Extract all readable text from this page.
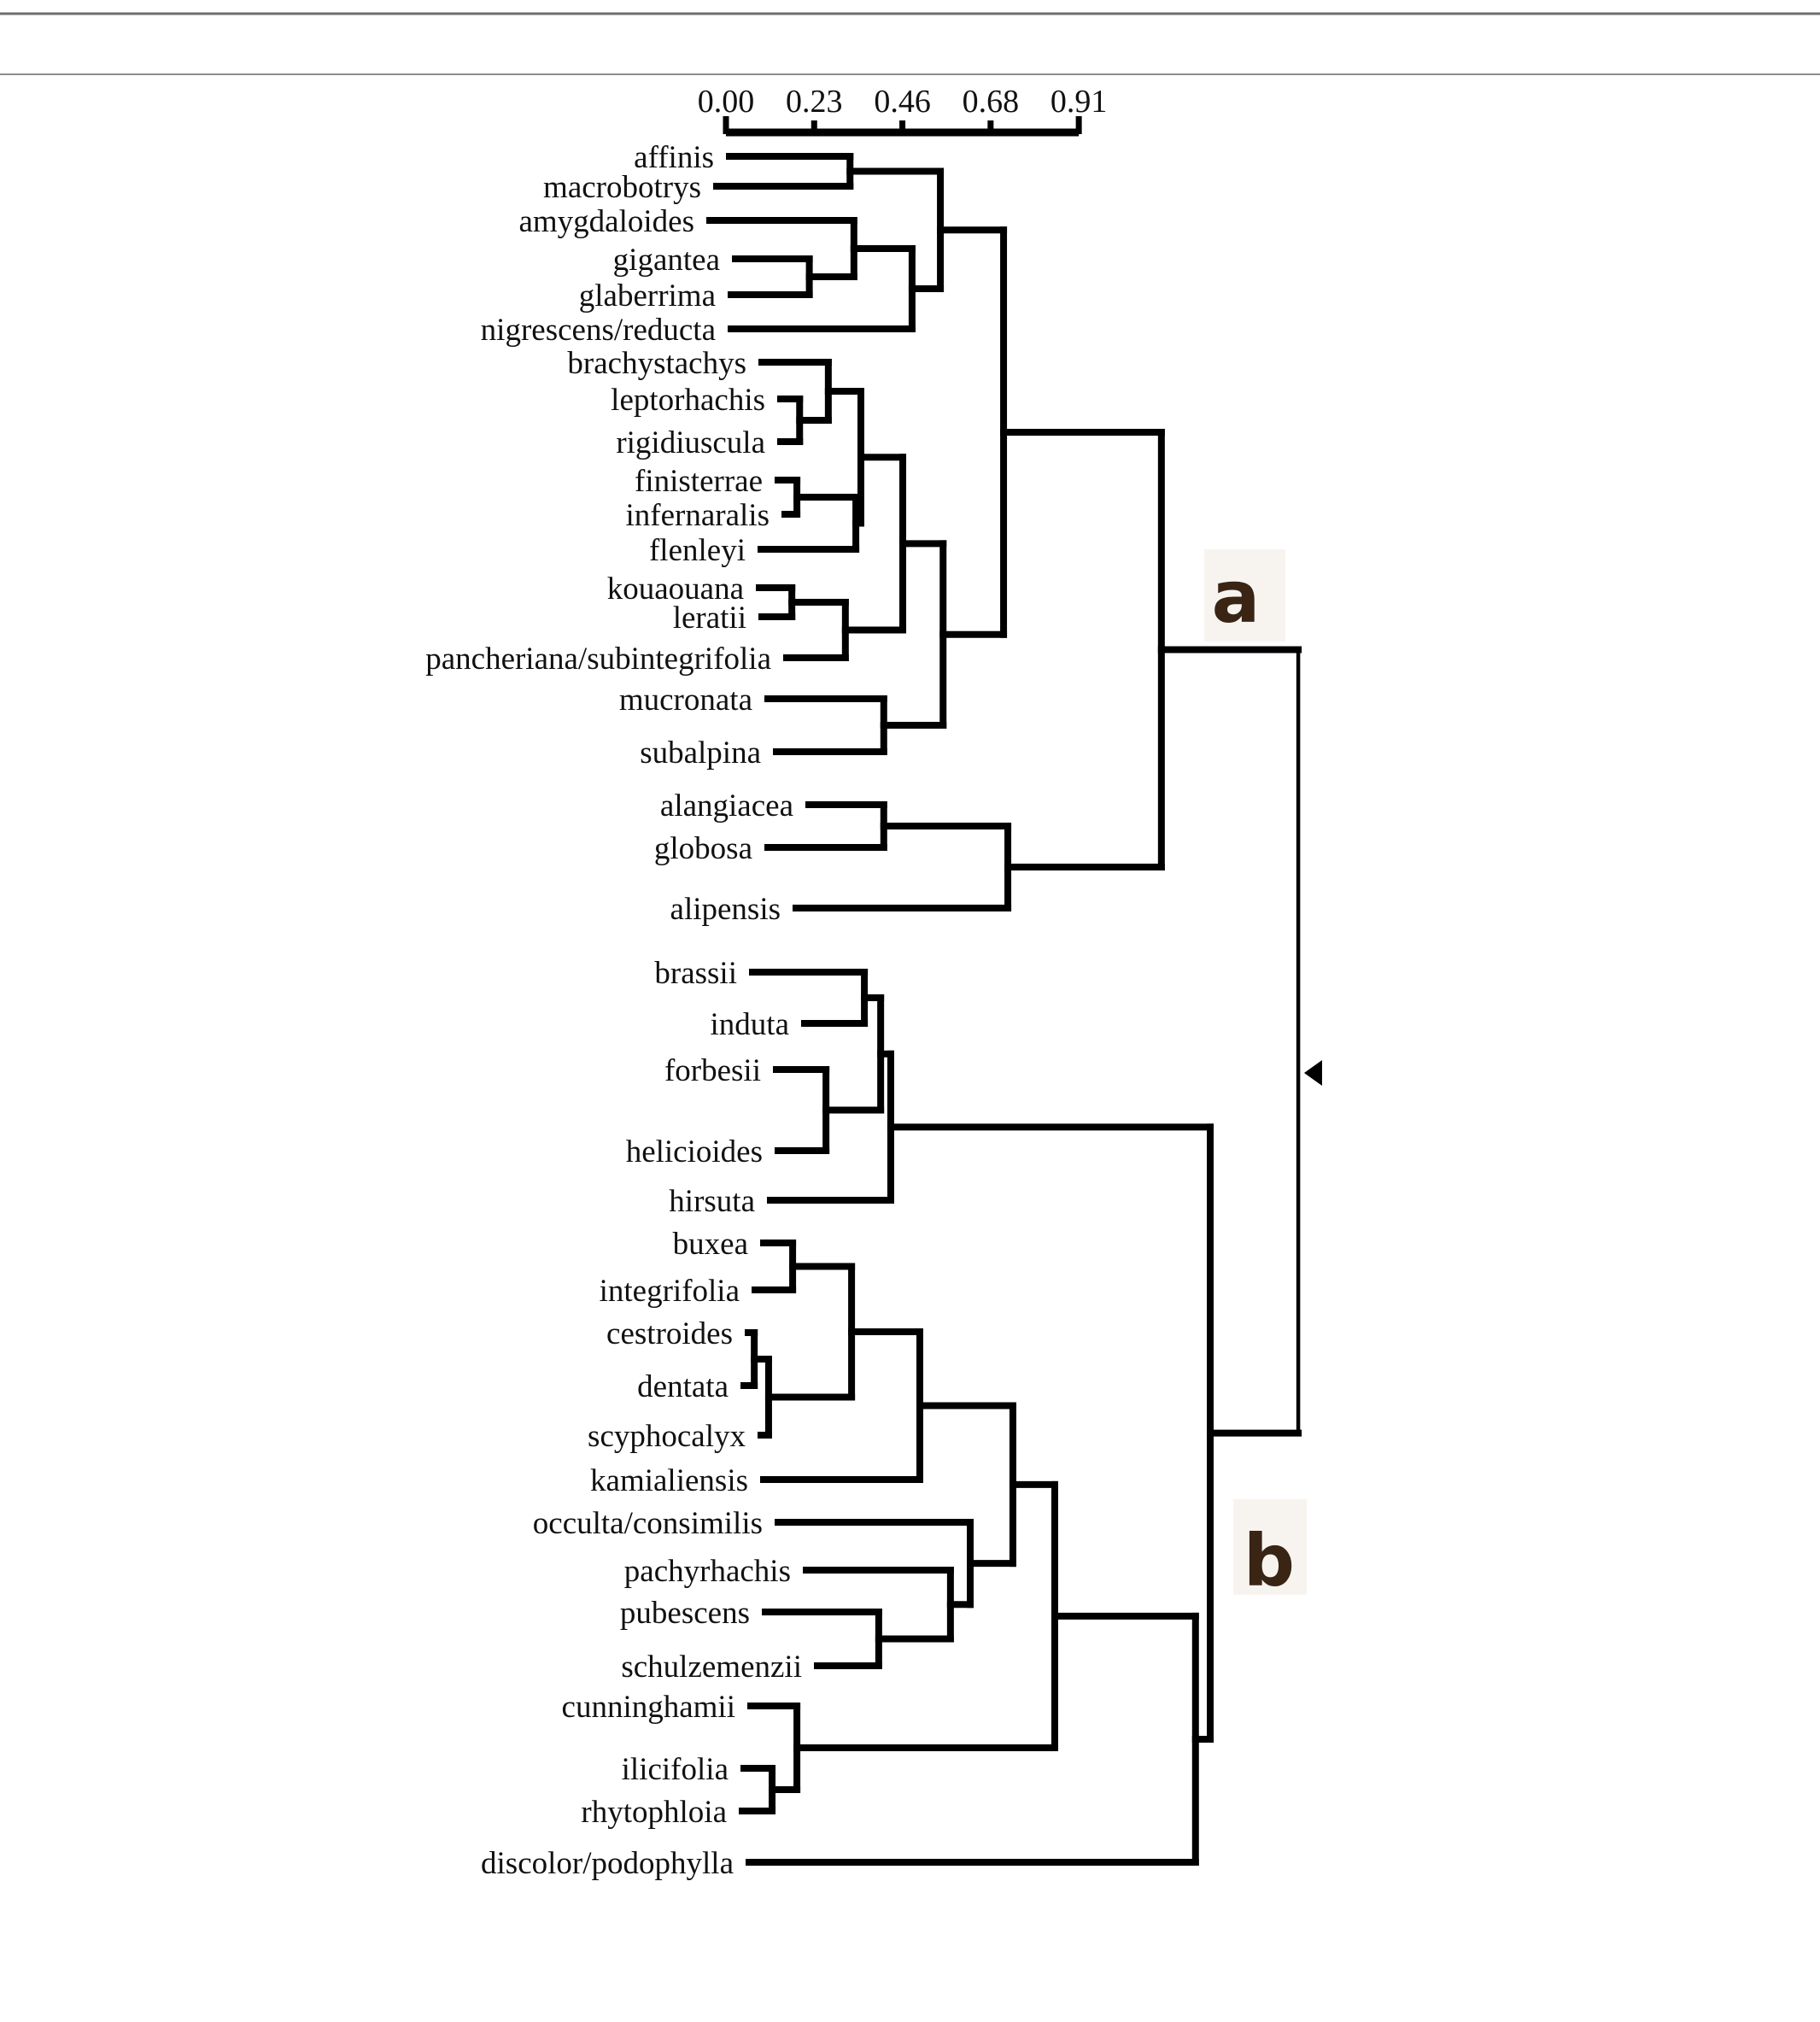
0.00 0.23 0.46 0.68 0.91
affinis
macrobotrys
amygdaloides
gigantea
glaberrima
nigrescens/reducta
brachystachys
leptorhachis
rigidiuscula
finisterrae
infernaralis
flenleyi
kouaouana
leratii
pancheriana/subintegrifolia
mucronata
subalpina
alangiacea
globosa
alipensis
brassii
induta
forbesii
helicioides
hirsuta
buxea
integrifolia
cestroides
dentata
scyphocalyx
kamialiensis
occulta/consimilis
pachyrhachis
pubescens
schulzemenzii
cunninghamii
ilicifolia
rhytophloia
discolor/podophylla
a
b
